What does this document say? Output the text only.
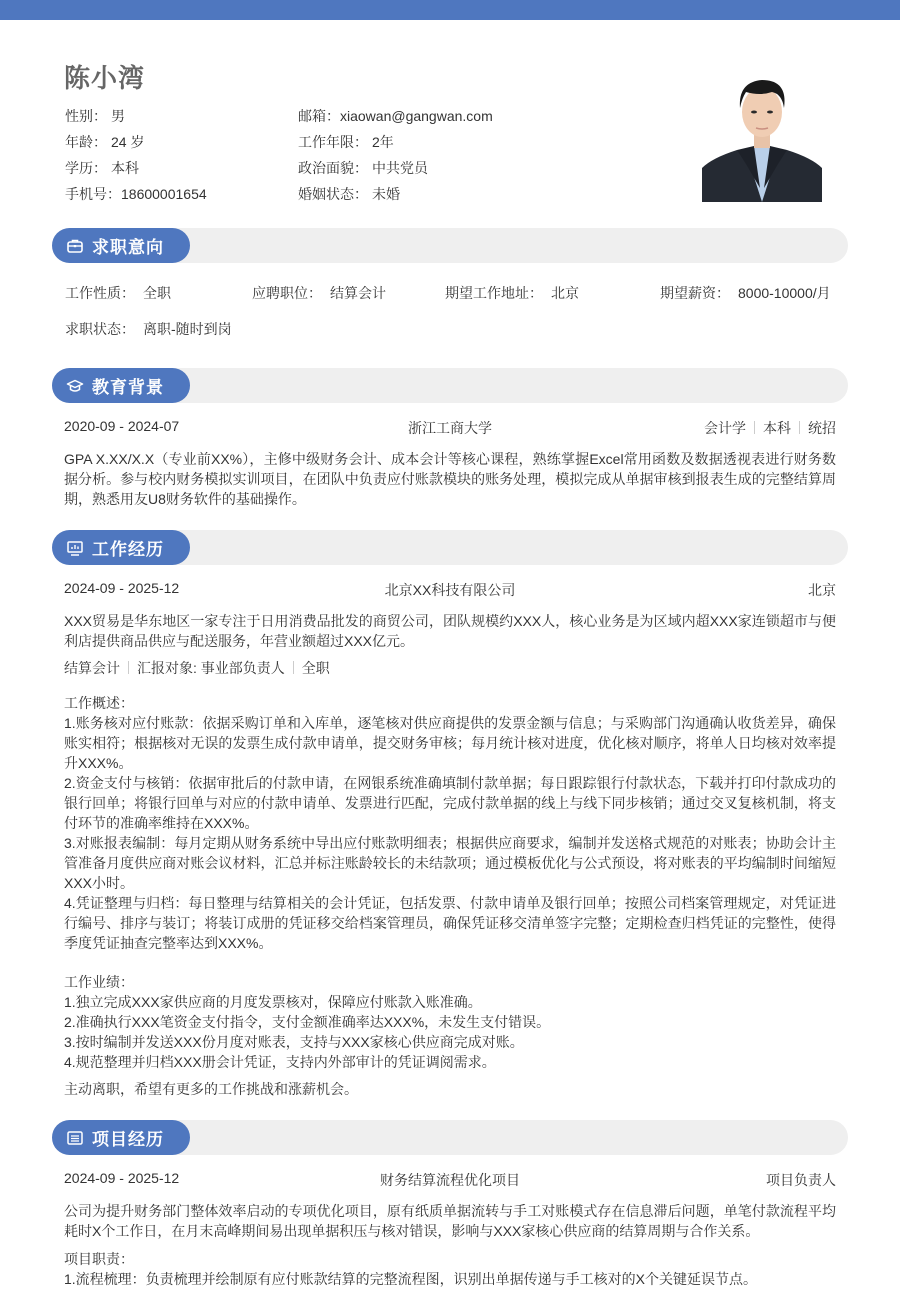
陈小湾
性别： 男
年龄： 24 岁
学历： 本科
手机号：18600001654
邮箱：xiaowan@gangwan.com
工作年限： 2年
政治面貌： 中共党员
婚姻状态： 未婚
求职意向
工作性质： 全职	应聘职位： 结算会计	期望工作地址： 北京	期望薪资： 8000-10000/月
求职状态： 离职-随时到岗
教育背景
2020-09 - 2024-07	浙江工商大学	会计学 本科 统招
GPA X.XX/X.X（专业前XX%），主修中级财务会计、成本会计等核心课程，熟练掌握Excel常用函数及数据透视表进行财务数据分析。参与校内财务模拟实训项目，在团队中负责应付账款模块的账务处理，模拟完成从单据审核到报表生成的完整结算周期，熟悉用友U8财务软件的基础操作。
工作经历
2024-09 - 2025-12	北京XX科技有限公司	北京
XXX贸易是华东地区一家专注于日用消费品批发的商贸公司，团队规模约XXX人，核心业务是为区域内超XXX家连锁超市与便利店提供商品供应与配送服务，年营业额超过XXX亿元。
结算会计 汇报对象: 事业部负责人 全职
工作概述：
1.账务核对应付账款：依据采购订单和入库单，逐笔核对供应商提供的发票金额与信息；与采购部门沟通确认收货差异，确保账实相符；根据核对无误的发票生成付款申请单，提交财务审核；每月统计核对进度，优化核对顺序，将单人日均核对效率提升XXX%。
2.资金支付与核销：依据审批后的付款申请，在网银系统准确填制付款单据；每日跟踪银行付款状态，下载并打印付款成功的银行回单；将银行回单与对应的付款申请单、发票进行匹配，完成付款单据的线上与线下同步核销；通过交叉复核机制，将支付环节的准确率维持在XXX%。
3.对账报表编制：每月定期从财务系统中导出应付账款明细表；根据供应商要求，编制并发送格式规范的对账表；协助会计主管准备月度供应商对账会议材料，汇总并标注账龄较长的未结款项；通过模板优化与公式预设，将对账表的平均编制时间缩短XXX小时。
4.凭证整理与归档：每日整理与结算相关的会计凭证，包括发票、付款申请单及银行回单；按照公司档案管理规定，对凭证进行编号、排序与装订；将装订成册的凭证移交给档案管理员，确保凭证移交清单签字完整；定期检查归档凭证的完整性，使得季度凭证抽查完整率达到XXX%。
工作业绩：
1.独立完成XXX家供应商的月度发票核对，保障应付账款入账准确。
2.准确执行XXX笔资金支付指令，支付金额准确率达XXX%，未发生支付错误。
3.按时编制并发送XXX份月度对账表，支持与XXX家核心供应商完成对账。
4.规范整理并归档XXX册会计凭证，支持内外部审计的凭证调阅需求。
主动离职，希望有更多的工作挑战和涨薪机会。
项目经历
2024-09 - 2025-12	财务结算流程优化项目	项目负责人
公司为提升财务部门整体效率启动的专项优化项目，原有纸质单据流转与手工对账模式存在信息滞后问题，单笔付款流程平均耗时X个工作日，在月末高峰期间易出现单据积压与核对错误，影响与XXX家核心供应商的结算周期与合作关系。
项目职责：
1.流程梳理：负责梳理并绘制原有应付账款结算的完整流程图，识别出单据传递与手工核对的X个关键延误节点。
